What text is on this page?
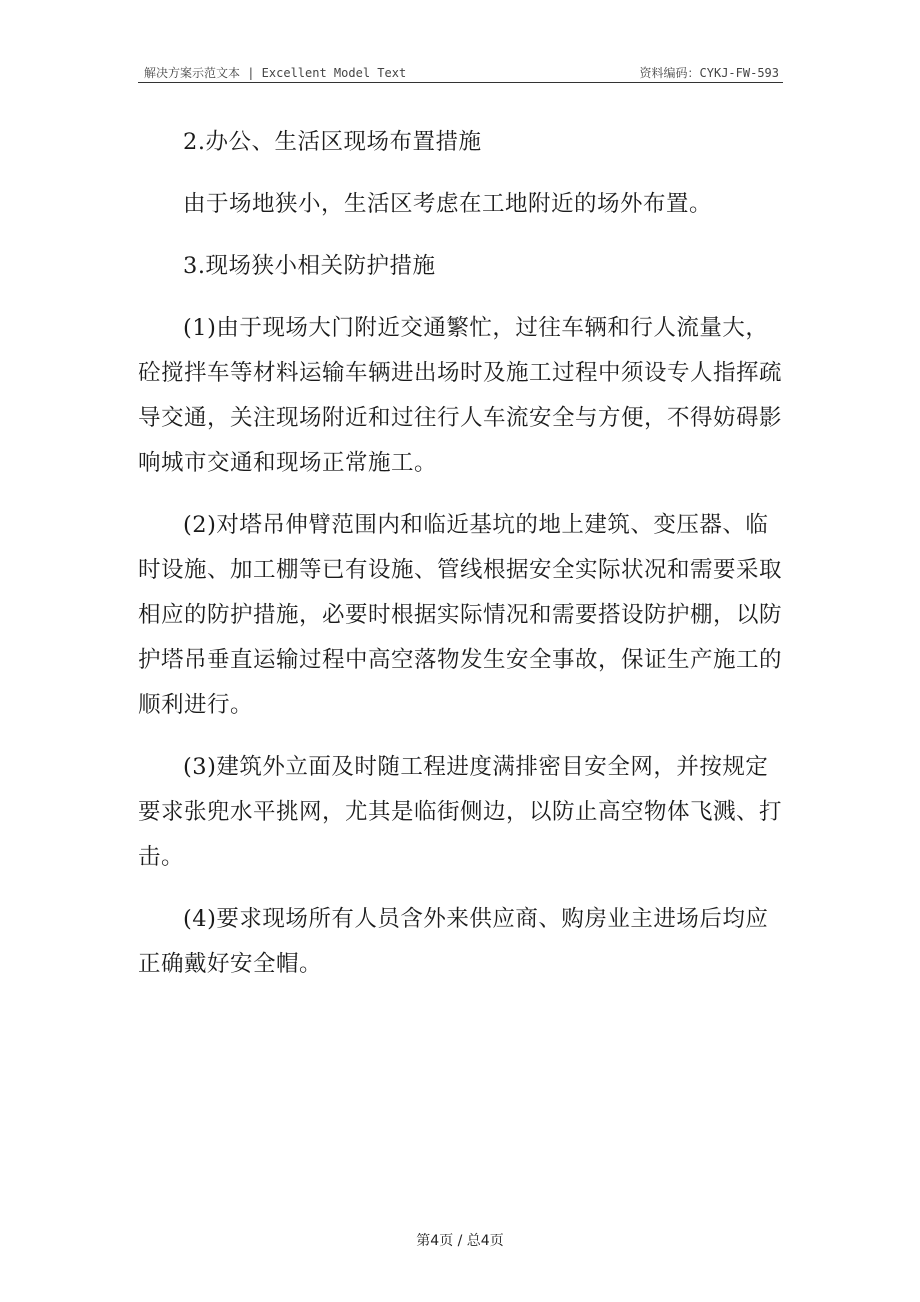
解决方案示范文本 | Excellent Model Text	资料编码：CYKJ-FW-593

2.办公、生活区现场布置措施

由于场地狭小，生活区考虑在工地附近的场外布置。

3.现场狭小相关防护措施

(1)由于现场大门附近交通繁忙，过往车辆和行人流量大，砼搅拌车等材料运输车辆进出场时及施工过程中须设专人指挥疏导交通，关注现场附近和过往行人车流安全与方便，不得妨碍影响城市交通和现场正常施工。

(2)对塔吊伸臂范围内和临近基坑的地上建筑、变压器、临时设施、加工棚等已有设施、管线根据安全实际状况和需要采取相应的防护措施，必要时根据实际情况和需要搭设防护棚，以防护塔吊垂直运输过程中高空落物发生安全事故，保证生产施工的顺利进行。

(3)建筑外立面及时随工程进度满排密目安全网，并按规定要求张兜水平挑网，尤其是临街侧边，以防止高空物体飞溅、打击。

(4)要求现场所有人员含外来供应商、购房业主进场后均应正确戴好安全帽。

第4页 / 总4页
